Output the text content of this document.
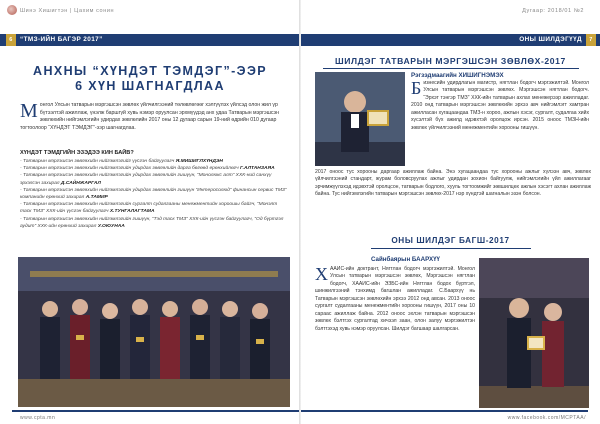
Шинэ Хишигтэн | Цахим сонин
6	“ТМЗ-ИЙН БАГЭР 2017”
АНХНЫ “ХҮНДЭТ ТЭМДЭГ”-ЭЭР 6 ХҮН ШАГНАГДЛАА
М онгол Улсын татварын мэргэшсэн зөвлөх үйлчилгээний төлөвлөгөөг хэлгүүлэх үйлсэд олон жил үр бүтээлтэй ажиллаж, үнэлж баршгүй хувь нэмэр оруулсан эрхмүүдэд анх удаа Татварын мэргэшсэн зөвлөхийн нийгэмлэгийн удирдах зөвлөлийн 2017 оны 12 дугаар сарын 19-ний өдрийн 010 дугаар тогтоолоор “ХҮНДЭТ ТЭМДЭГ”-ээр шагнагдлаа.
ХҮНДЭТ ТЭМДГИЙН ЭЗЭДЭЭ КИН БАЙВ?
- Татварын мэргэшсэн зөвлөхийн нийгэмлэгийг үүсгэн байгуулагч Я.МИШИГЛХҮНДЭН
- Татварын мэргэшсэн зөвлөхийн нийгэмлэгийн удирдах зөвлөлийн дарга бөгөөд ерөнхийлөгч Г.АЛТАНЗАЯА
- Татварын мэргэшсэн зөвлөхийн нийгэмлэгийн удирдах зөвлөлийн гишүүн, “Монолюкс алт” ХХК-ний санхүү эрхэлсэн захирал Д.САЙНЖАРГАЛ
- Татварын мэргэшсэн зөвлөхийн нийгэмлэгийн удирдах зөвлөлийн гишүүн “Интеросолюд” финансын сервис ТМЗ” компанийн ерөнхий захирал А.ТАМИР
- Татварын мэргэшсэн зөвлөхийн нийгэмлэгийн сургалт судалгааны менежментийн хороошы байгч, “Монэлт таск ТМЗ” ХХК-ийн үүсгэн байгуулагч Х.ТУНГАЛАГТАМА
- Татварын мэргэшсэн зөвлөхийн нийгэмлэгийн гишүүн, “Тэд таск ТМЗ” ХХК-ийн үүсгэн байгуулагч, “Од бүртгэл аудит” ХХК-ийн ерөнхий захирал У.ОЮУНАА
www.cpta.mn
Дугаар: 2018/01 №2
ОНЫ ШИЛДЭГҮҮД	7
ШИЛДЭГ ТАТВАРЫН МЭРГЭШСЭН ЗӨВЛӨХ-2017
Рэгзэдмаагийн ХИШИГНЭМЭХ
Б изнесийн удирдлагын магистр, нягтлан бодогч мэргэжилтэй. Монгол Улсын татварын мэргэшсэн зөвлөх. Мэргэшсэн нягтлан бодогч. “Эрхэт тэнгэр ТМЗ” ХХК-ийн татварын ахлах менежерээр ажилладаг. 2010 онд татварын мэргэшсэн зөвлөхийн эрхээ авч нийгэмлэгт хамтран ажилласан хугацаандаа ТМЗ-н хороо, ажлын хэсэг, сургалт, судалгаа хийх хүсэлтэй бүх ажилд идэвхтэй оролцож ирсэн. 2015 оноос ТМЗН-ийн зөвлөх үйлчилгээний менежментийн хорооны гишүүн.
2017 оноос тус хорооны даргаар ажиллаж байна. Энэ хугацаандаа тус хорооны ажлыг хүлээн авч, зөвлөх үйлчилгээний стандарт, журам боловсруулах ажлыг удирдан зохион байгуулж, нийгэмлэгийн үйл ажиллагааг эрчимжүүлэхэд идэвхтэй оролцсон, татварын бодлого, хууль тогтоомжийг зөвшилцөх ажлын хэсэгт ахлан ажиллаж байна. Тус нийгэмлэгийн татварын мэргэшсэн зөвлөх-2017 нэр хүндтэй шагналын эзэн болсон.
ОНЫ ШИЛДЭГ БАГШ-2017
Сайнбаярын БААРХҮҮ
Х ААИС-ийн доктрант, Нягтлан бодогч мэргэжилтэй. Монгол Улсын татварын мэргэшсэн зөвлөх, Мэргэшсэн нягтлан бодогч, ХААИС-ийн ЭЗБС-ийн Нягтлан бодох бүртгэл, шинжилгээний тэнхимд багшлан ажилладаг. С.Баархүү нь Татварын мэргэшсэн зөвлөхийн эрхээ 2012 онд авсан. 2013 оноос сургалт судалгааны менежментийн хорооны гишүүн, 2017 оны 10 сараас ажиллаж байна. 2012 оноос эхлэн татварын мэргэшсэн зөвлөх бэлтгэх сургалтад хичээл заан, олон залуу мэргэжилтэн бэлтгэхэд хувь нэмэр оруулсан. Шилдэг багшаар шалгарсан.
www.facebook.com/MCPTAA/
